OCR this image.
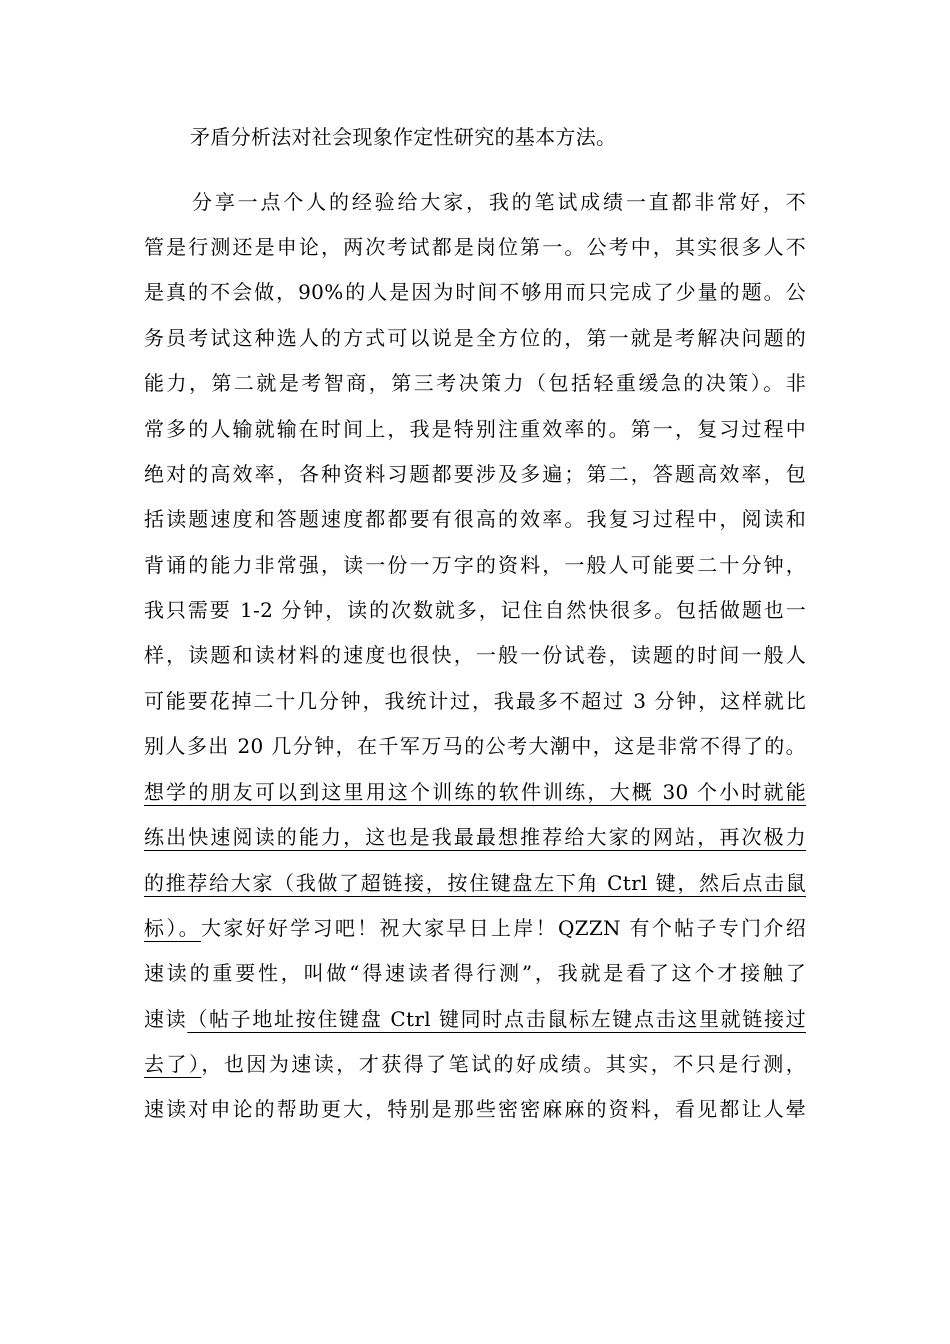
矛盾分析法对社会现象作定性研究的基本方法。
分享一点个人的经验给大家，我的笔试成绩一直都非常好，不
管是行测还是申论，两次考试都是岗位第一。公考中，其实很多人不
是真的不会做，90%的人是因为时间不够用而只完成了少量的题。公
务员考试这种选人的方式可以说是全方位的，第一就是考解决问题的
能力，第二就是考智商，第三考决策力（包括轻重缓急的决策）。非
常多的人输就输在时间上，我是特别注重效率的。第一，复习过程中
绝对的高效率，各种资料习题都要涉及多遍；第二，答题高效率，包
括读题速度和答题速度都都要有很高的效率。我复习过程中，阅读和
背诵的能力非常强，读一份一万字的资料，一般人可能要二十分钟，
我只需要 1-2 分钟，读的次数就多，记住自然快很多。包括做题也一
样，读题和读材料的速度也很快，一般一份试卷，读题的时间一般人
可能要花掉二十几分钟，我统计过，我最多不超过 3 分钟，这样就比
别人多出 20 几分钟，在千军万马的公考大潮中，这是非常不得了的。
想学的朋友可以到这里用这个训练的软件训练，大概 30 个小时就能
练出快速阅读的能力，这也是我最最想推荐给大家的网站，再次极力
的推荐给大家（我做了超链接，按住键盘左下角 Ctrl 键，然后点击鼠
标）。大家好好学习吧！祝大家早日上岸！QZZN 有个帖子专门介绍
速读的重要性，叫做“得速读者得行测”，我就是看了这个才接触了
速读（帖子地址按住键盘 Ctrl 键同时点击鼠标左键点击这里就链接过
去了），也因为速读，才获得了笔试的好成绩。其实，不只是行测，
速读对申论的帮助更大，特别是那些密密麻麻的资料，看见都让人晕
